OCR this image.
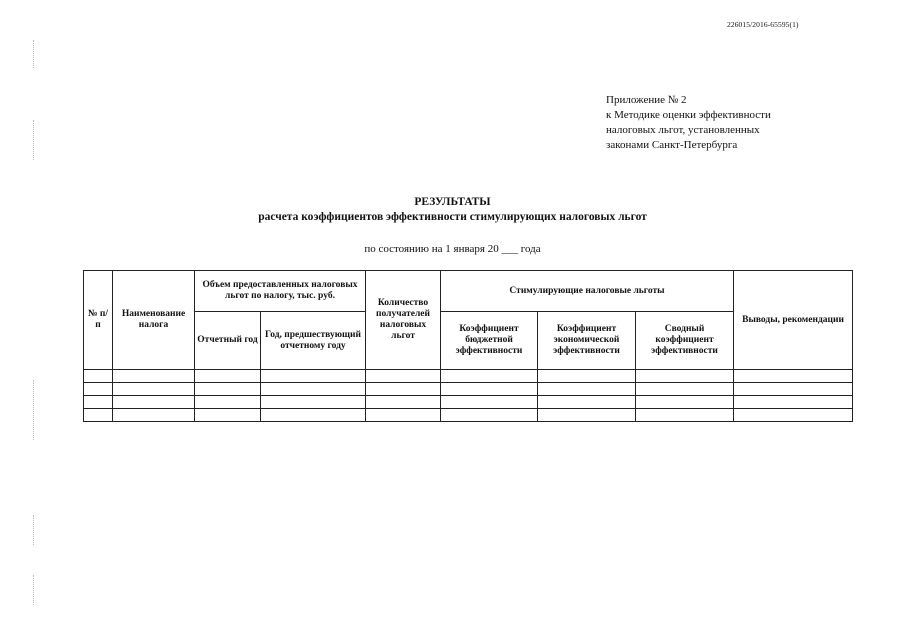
226015/2016-65595(1)
Приложение № 2
к Методике оценки эффективности
налоговых льгот, установленных
законами Санкт-Петербурга
РЕЗУЛЬТАТЫ
расчета коэффициентов эффективности стимулирующих налоговых льгот
по состоянию на 1 января 20 ___ года
№ п/п	Наименование налога	Объем предоставленных налоговых льгот по налогу, тыс. руб.		Количество получателей налоговых льгот	Стимулирующие налоговые льготы			Выводы, рекомендации
		Отчетный год	Год, предшествующий отчетному году		Коэффициент бюджетной эффективности	Коэффициент экономической эффективности	Сводный коэффициент эффективности	
